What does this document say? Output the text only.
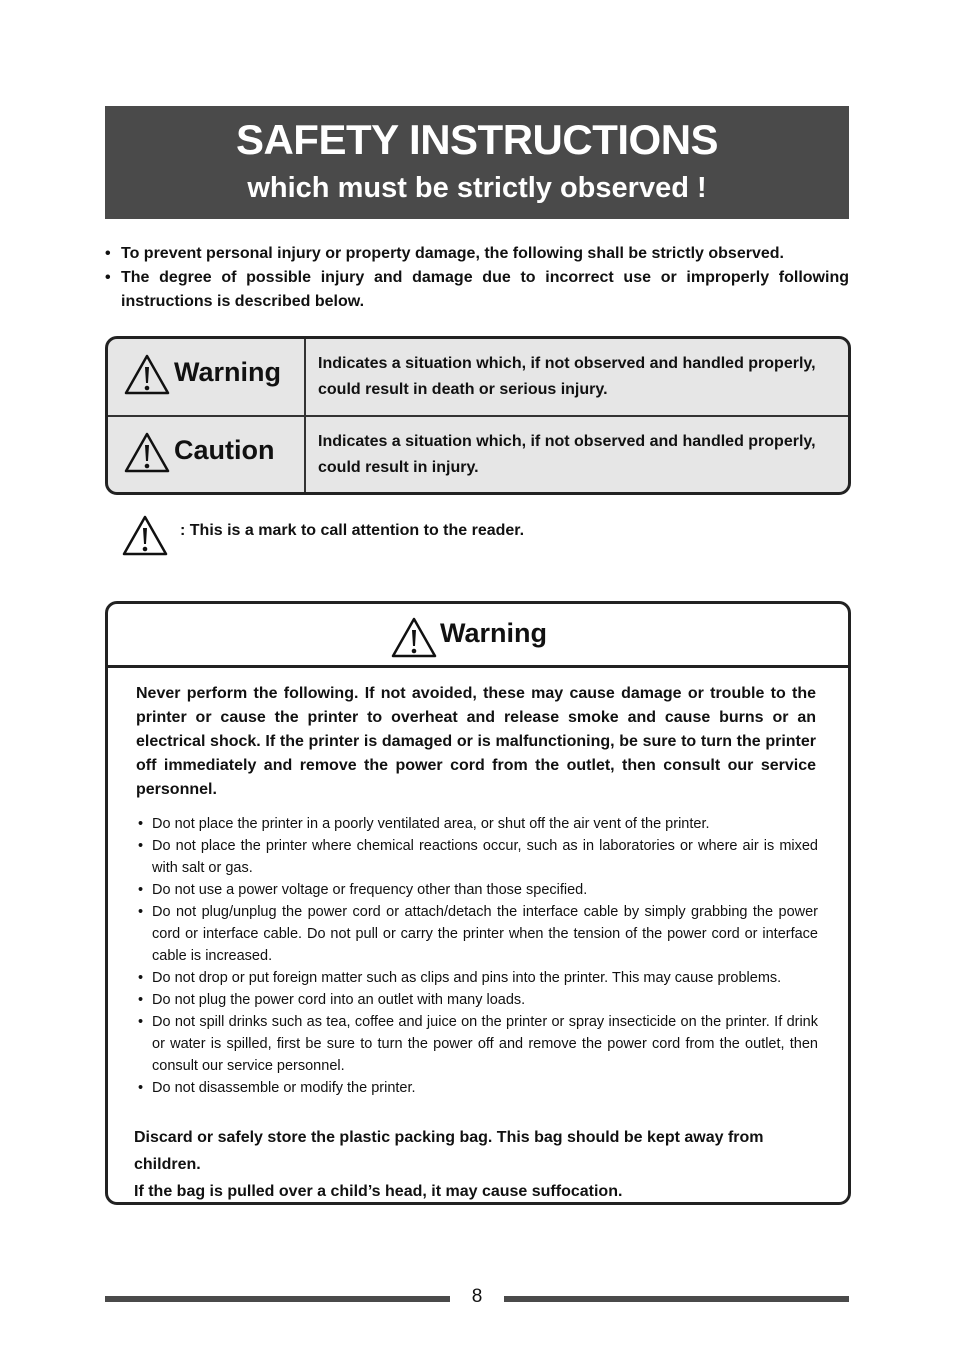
SAFETY INSTRUCTIONS
which must be strictly observed !
• To prevent personal injury or property damage, the following shall be strictly observed.
• The degree of possible injury and damage due to incorrect use or improperly following instructions is described below.
Warning Indicates a situation which, if not observed and handled properly, could result in death or serious injury.
Caution	Indicates a situation which, if not observed and handled properly, could result in injury.
: This is a mark to call attention to the reader.
Warning
Never perform the following. If not avoided, these may cause damage or trouble to the printer or cause the printer to overheat and release smoke and cause burns or an electrical shock. If the printer is damaged or is malfunctioning, be sure to turn the printer off immediately and remove the power cord from the outlet, then consult our service personnel.
• Do not place the printer in a poorly ventilated area, or shut off the air vent of the printer.
• Do not place the printer where chemical reactions occur, such as in laboratories or where air is mixed with salt or gas.
• Do not use a power voltage or frequency other than those specified.
• Do not plug/unplug the power cord or attach/detach the interface cable by simply grabbing the power cord or interface cable. Do not pull or carry the printer when the tension of the power cord or interface cable is increased.
• Do not drop or put foreign matter such as clips and pins into the printer. This may cause problems.
• Do not plug the power cord into an outlet with many loads.
• Do not spill drinks such as tea, coffee and juice on the printer or spray insecticide on the printer. If drink or water is spilled, first be sure to turn the power off and remove the power cord from the outlet, then consult our service personnel.
• Do not disassemble or modify the printer.
Discard or safely store the plastic packing bag. This bag should be kept away from children.
If the bag is pulled over a child’s head, it may cause suffocation.
8
